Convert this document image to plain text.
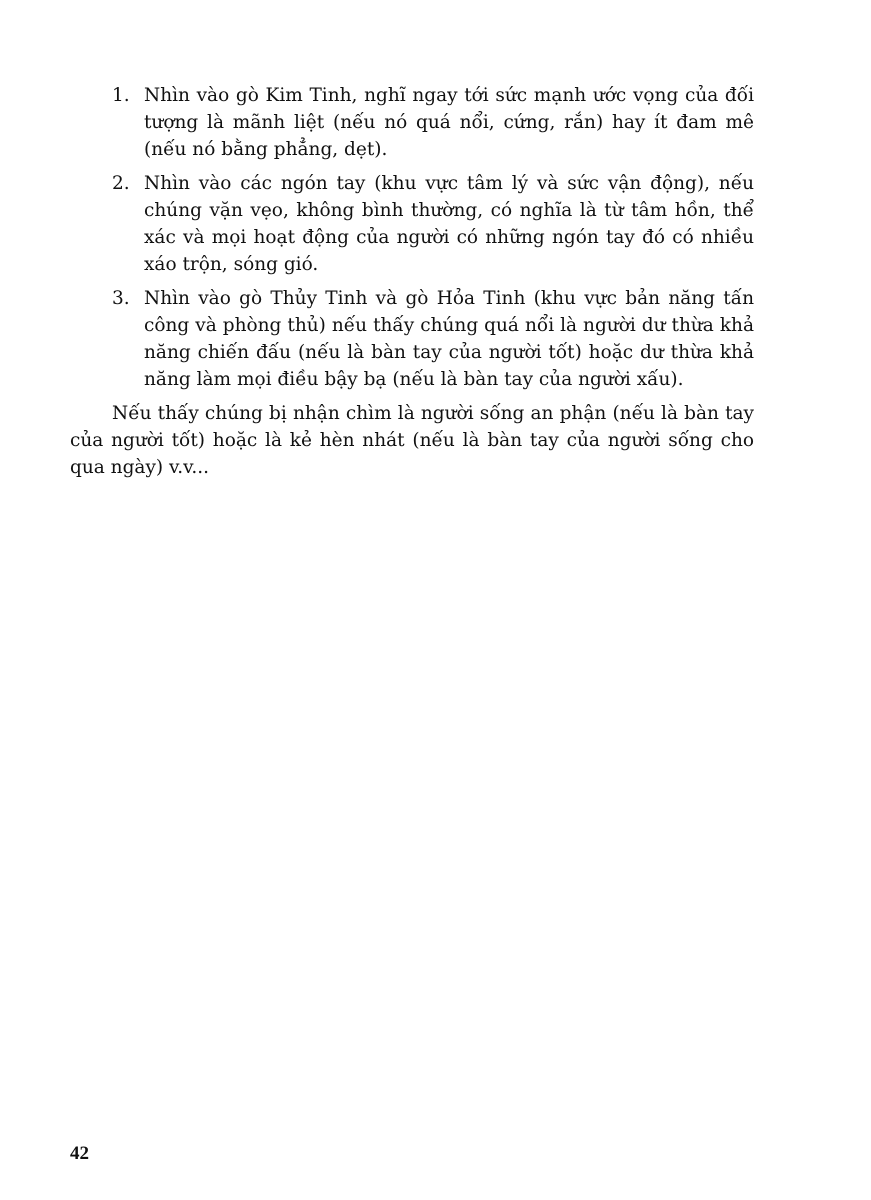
1. Nhìn vào gò Kim Tinh, nghĩ ngay tới sức mạnh ước vọng của đối tượng là mãnh liệt (nếu nó quá nổi, cứng, rắn) hay ít đam mê (nếu nó bằng phẳng, dẹt).
2. Nhìn vào các ngón tay (khu vực tâm lý và sức vận động), nếu chúng vặn vẹo, không bình thường, có nghĩa là từ tâm hồn, thể xác và mọi hoạt động của người có những ngón tay đó có nhiều xáo trộn, sóng gió.
3. Nhìn vào gò Thủy Tinh và gò Hỏa Tinh (khu vực bản năng tấn công và phòng thủ) nếu thấy chúng quá nổi là người dư thừa khả năng chiến đấu (nếu là bàn tay của người tốt) hoặc dư thừa khả năng làm mọi điều bậy bạ (nếu là bàn tay của người xấu).

Nếu thấy chúng bị nhận chìm là người sống an phận (nếu là bàn tay của người tốt) hoặc là kẻ hèn nhát (nếu là bàn tay của người sống cho qua ngày) v.v...

42
